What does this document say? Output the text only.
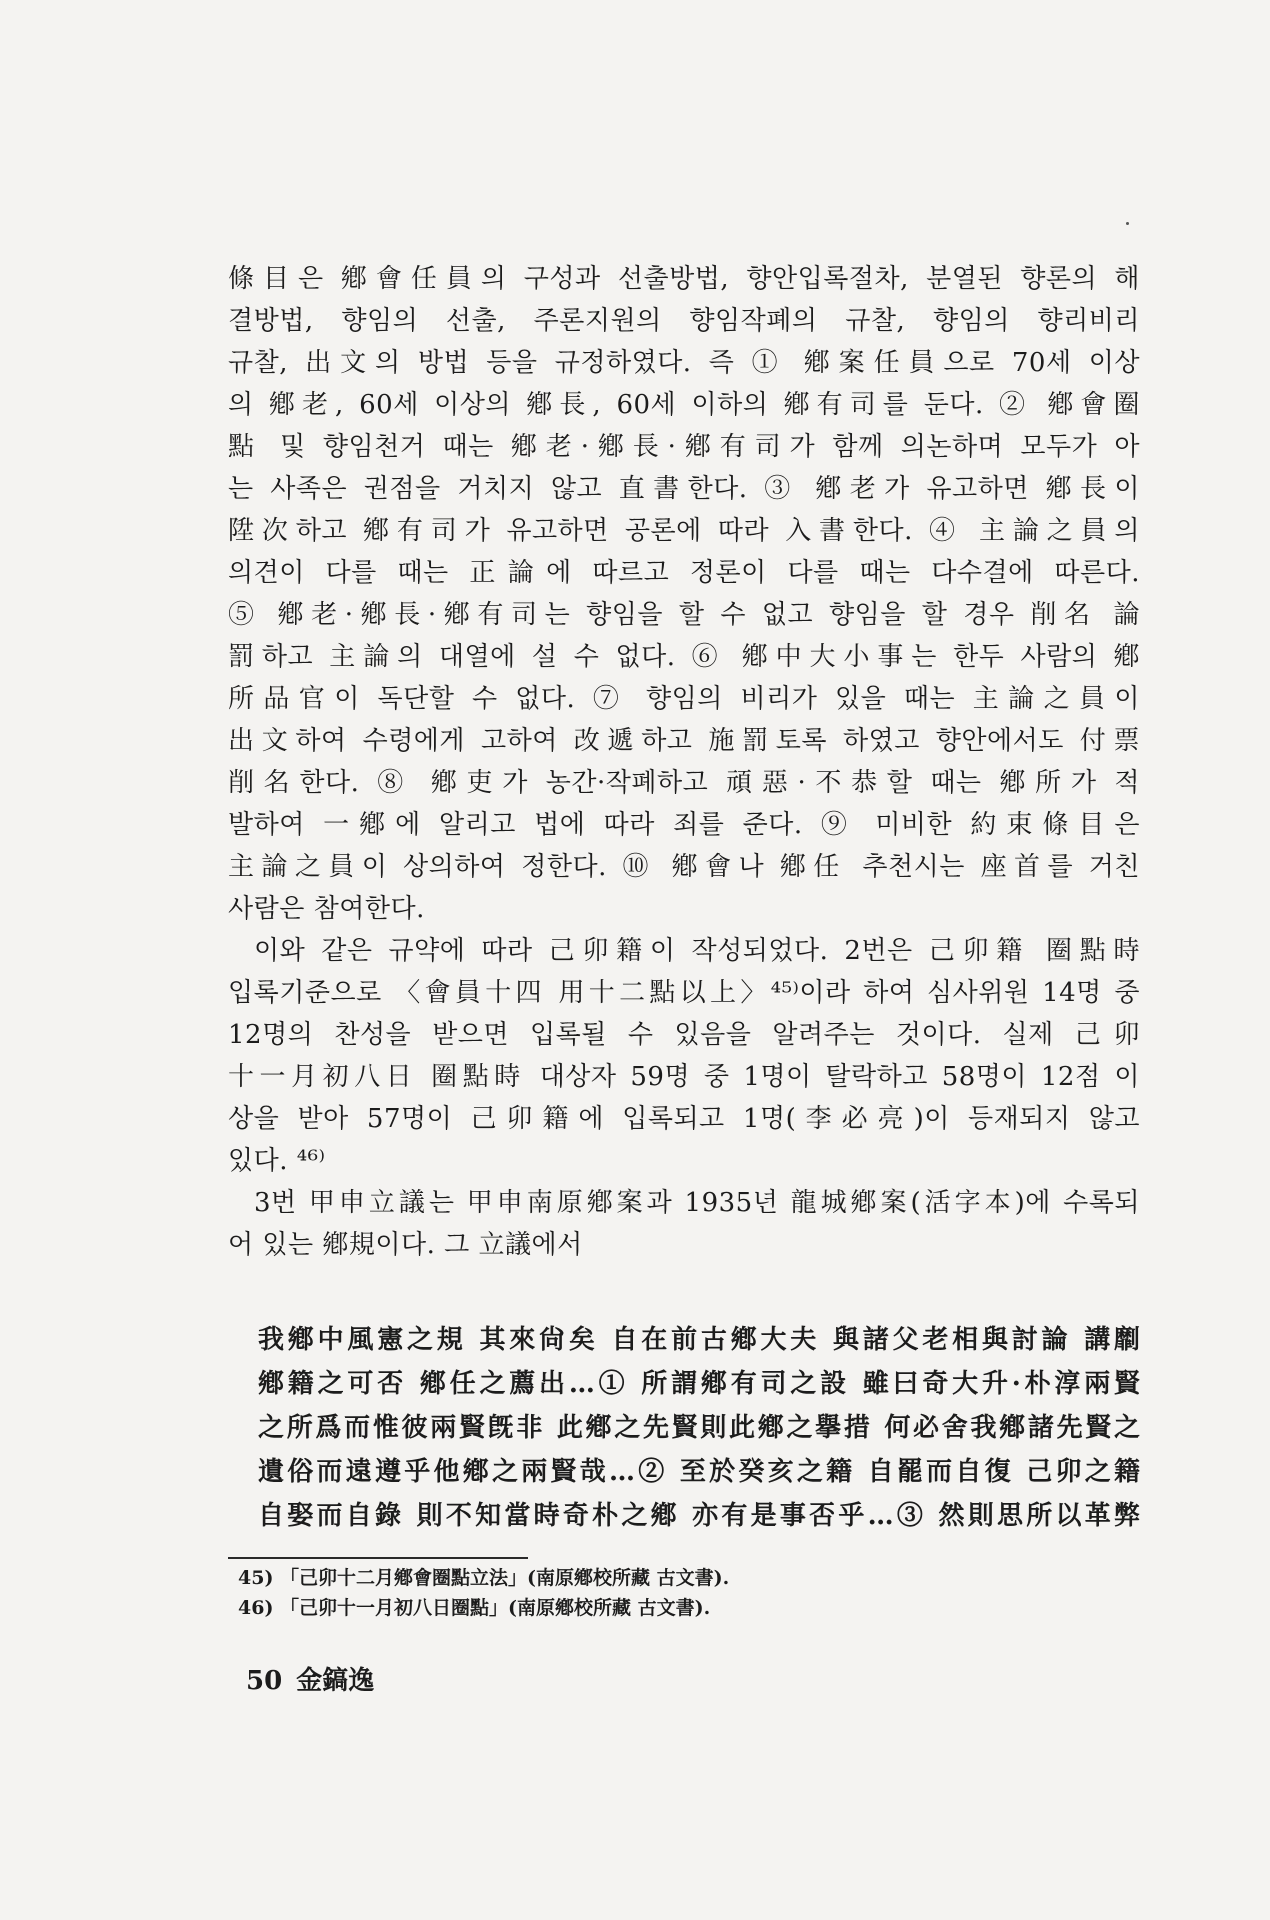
條目은 鄕會任員의 구성과 선출방법, 향안입록절차, 분열된 향론의 해
결방법, 향임의 선출, 주론지원의 향임작폐의 규찰, 향임의 향리비리
규찰, 出文의 방법 등을 규정하였다. 즉 ① 鄕案任員으로 70세 이상
의 鄕老, 60세 이상의 鄕長, 60세 이하의 鄕有司를 둔다. ② 鄕會圈
點 및 향임천거 때는 鄕老·鄕長·鄕有司가 함께 의논하며 모두가 아
는 사족은 권점을 거치지 않고 直書한다. ③ 鄕老가 유고하면 鄕長이
陞次하고 鄕有司가 유고하면 공론에 따라 入書한다. ④ 主論之員의
의견이 다를 때는 正論에 따르고 정론이 다를 때는 다수결에 따른다.
⑤ 鄕老·鄕長·鄕有司는 향임을 할 수 없고 향임을 할 경우 削名 論
罰하고 主論의 대열에 설 수 없다. ⑥ 鄕中大小事는 한두 사람의 鄕
所品官이 독단할 수 없다. ⑦ 향임의 비리가 있을 때는 主論之員이
出文하여 수령에게 고하여 改遞하고 施罰토록 하였고 향안에서도 付票
削名한다. ⑧ 鄕吏가 농간·작폐하고 頑惡·不恭할 때는 鄕所가 적
발하여 一鄕에 알리고 법에 따라 죄를 준다. ⑨ 미비한 約束條目은
主論之員이 상의하여 정한다. ⑩ 鄕會나 鄕任 추천시는 座首를 거친
사람은 참여한다.
이와 같은 규약에 따라 己卯籍이 작성되었다. 2번은 己卯籍 圈點時
입록기준으로 〈會員十四 用十二點以上〉⁴⁵⁾이라 하여 심사위원 14명 중
12명의 찬성을 받으면 입록될 수 있음을 알려주는 것이다. 실제 己卯
十一月初八日 圈點時 대상자 59명 중 1명이 탈락하고 58명이 12점 이
상을 받아 57명이 己卯籍에 입록되고 1명(李必亮)이 등재되지 않고
있다. ⁴⁶⁾
3번 甲申立議는 甲申南原鄕案과 1935년 龍城鄕案(活字本)에 수록되
어 있는 鄕規이다. 그 立議에서
我鄕中風憲之規 其來尙矣 自在前古鄕大夫 與諸父老相與討論 講劘
鄕籍之可否 鄕任之薦出…① 所謂鄕有司之設 雖曰奇大升·朴淳兩賢
之所爲而惟彼兩賢旣非 此鄕之先賢則此鄕之擧措 何必舍我鄕諸先賢之
遺俗而遠遵乎他鄕之兩賢哉…② 至於癸亥之籍 自罷而自復 己卯之籍
自娶而自錄 則不知當時奇朴之鄕 亦有是事否乎…③ 然則思所以革弊
45) 「己卯十二月鄕會圈點立法」(南原鄕校所藏 古文書).
46) 「己卯十一月初八日圈點」(南原鄕校所藏 古文書).
50 金鎬逸
